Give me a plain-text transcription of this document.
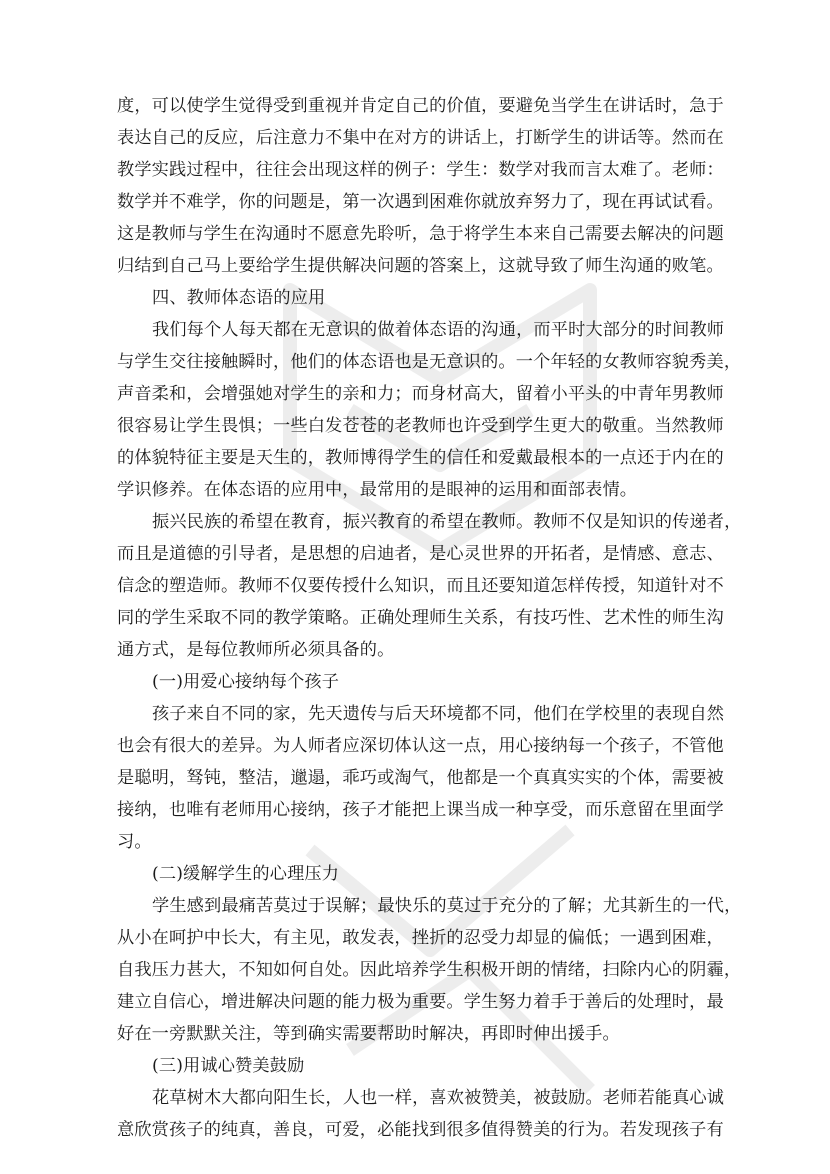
度，可以使学生觉得受到重视并肯定自己的价值，要避免当学生在讲话时，急于
表达自己的反应，后注意力不集中在对方的讲话上，打断学生的讲话等。然而在
教学实践过程中，往往会出现这样的例子：学生：数学对我而言太难了。老师：
数学并不难学，你的问题是，第一次遇到困难你就放弃努力了，现在再试试看。
这是教师与学生在沟通时不愿意先聆听，急于将学生本来自己需要去解决的问题
归结到自己马上要给学生提供解决问题的答案上，这就导致了师生沟通的败笔。
四、教师体态语的应用
我们每个人每天都在无意识的做着体态语的沟通，而平时大部分的时间教师
与学生交往接触瞬时，他们的体态语也是无意识的。一个年轻的女教师容貌秀美，
声音柔和，会增强她对学生的亲和力；而身材高大，留着小平头的中青年男教师
很容易让学生畏惧；一些白发苍苍的老教师也许受到学生更大的敬重。当然教师
的体貌特征主要是天生的，教师博得学生的信任和爱戴最根本的一点还于内在的
学识修养。在体态语的应用中，最常用的是眼神的运用和面部表情。
振兴民族的希望在教育，振兴教育的希望在教师。教师不仅是知识的传递者，
而且是道德的引导者，是思想的启迪者，是心灵世界的开拓者，是情感、意志、
信念的塑造师。教师不仅要传授什么知识，而且还要知道怎样传授，知道针对不
同的学生采取不同的教学策略。正确处理师生关系，有技巧性、艺术性的师生沟
通方式，是每位教师所必须具备的。
(一)用爱心接纳每个孩子
孩子来自不同的家，先天遗传与后天环境都不同，他们在学校里的表现自然
也会有很大的差异。为人师者应深切体认这一点，用心接纳每一个孩子，不管他
是聪明，驽钝，整洁，邋遢，乖巧或淘气，他都是一个真真实实的个体，需要被
接纳，也唯有老师用心接纳，孩子才能把上课当成一种享受，而乐意留在里面学
习。
(二)缓解学生的心理压力
学生感到最痛苦莫过于误解；最快乐的莫过于充分的了解；尤其新生的一代，
从小在呵护中长大，有主见，敢发表，挫折的忍受力却显的偏低；一遇到困难，
自我压力甚大，不知如何自处。因此培养学生积极开朗的情绪，扫除内心的阴霾，
建立自信心，增进解决问题的能力极为重要。学生努力着手于善后的处理时，最
好在一旁默默关注，等到确实需要帮助时解决，再即时伸出援手。
(三)用诚心赞美鼓励
花草树木大都向阳生长，人也一样，喜欢被赞美，被鼓励。老师若能真心诚
意欣赏孩子的纯真，善良，可爱，必能找到很多值得赞美的行为。若发现孩子有
